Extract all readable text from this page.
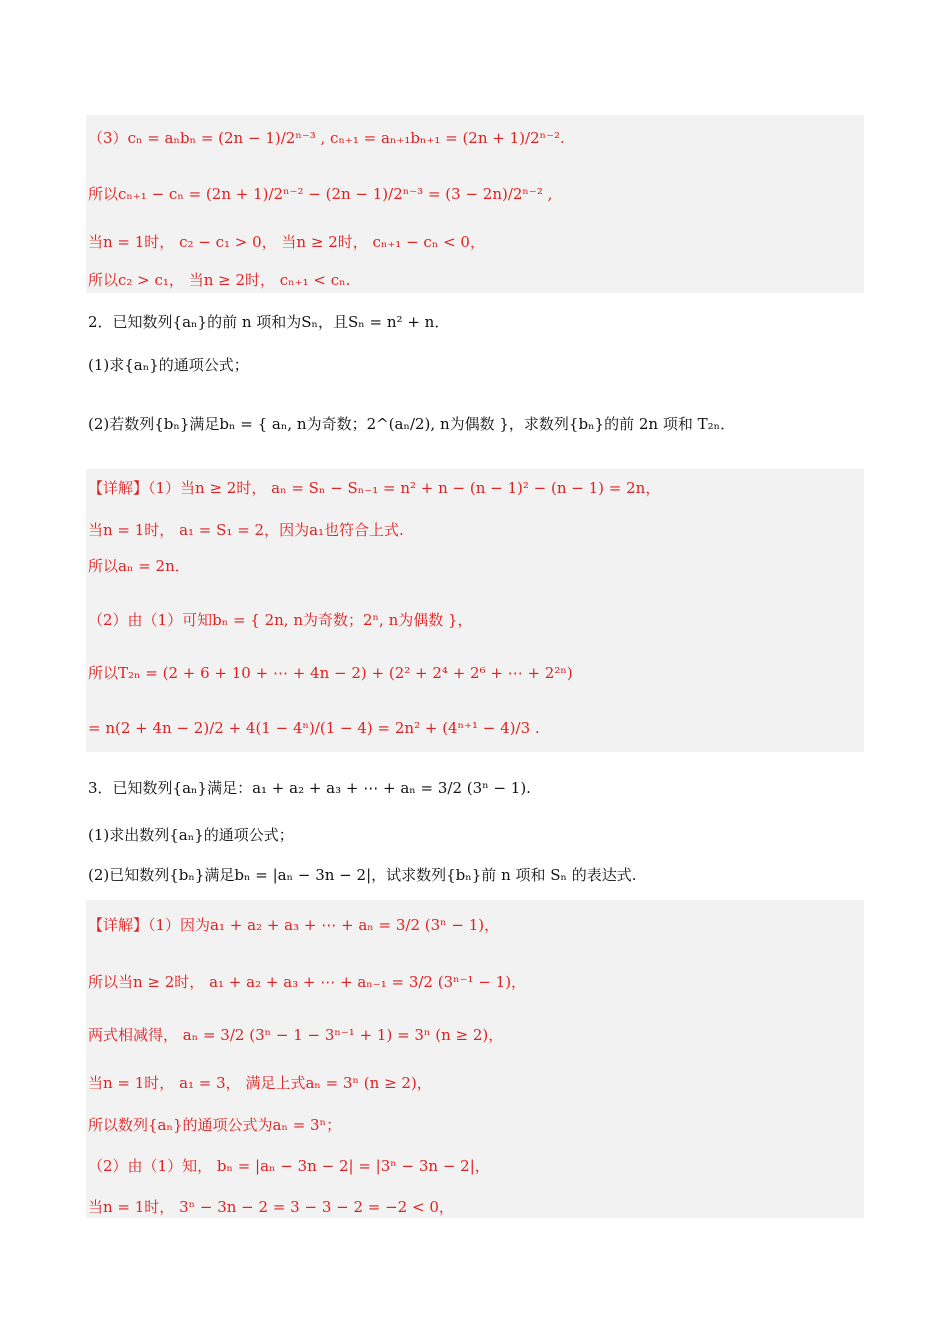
（3）cₙ = aₙbₙ = (2n − 1)/2ⁿ⁻³ , cₙ₊₁ = aₙ₊₁bₙ₊₁ = (2n + 1)/2ⁿ⁻².
所以cₙ₊₁ − cₙ = (2n + 1)/2ⁿ⁻² − (2n − 1)/2ⁿ⁻³ = (3 − 2n)/2ⁿ⁻² ,
当n = 1时， c₂ − c₁ > 0， 当n ≥ 2时， cₙ₊₁ − cₙ < 0，
所以c₂ > c₁， 当n ≥ 2时， cₙ₊₁ < cₙ.
2．已知数列{aₙ}的前 n 项和为Sₙ，且Sₙ = n² + n．
(1)求{aₙ}的通项公式；
(2)若数列{bₙ}满足bₙ = { aₙ, n为奇数；2^(aₙ/2), n为偶数 }，求数列{bₙ}的前 2n 项和 T₂ₙ．
【详解】（1）当n ≥ 2时， aₙ = Sₙ − Sₙ₋₁ = n² + n − (n − 1)² − (n − 1) = 2n，
当n = 1时， a₁ = S₁ = 2，因为a₁也符合上式.
所以aₙ = 2n．
（2）由（1）可知bₙ = { 2n, n为奇数；2ⁿ, n为偶数 }，
所以T₂ₙ = (2 + 6 + 10 + ⋯ + 4n − 2) + (2² + 2⁴ + 2⁶ + ⋯ + 2²ⁿ)
= n(2 + 4n − 2)/2 + 4(1 − 4ⁿ)/(1 − 4) = 2n² + (4ⁿ⁺¹ − 4)/3 .
3．已知数列{aₙ}满足：a₁ + a₂ + a₃ + ⋯ + aₙ = 3/2 (3ⁿ − 1).
(1)求出数列{aₙ}的通项公式；
(2)已知数列{bₙ}满足bₙ = |aₙ − 3n − 2|，试求数列{bₙ}前 n 项和 Sₙ 的表达式.
【详解】（1）因为a₁ + a₂ + a₃ + ⋯ + aₙ = 3/2 (3ⁿ − 1)，
所以当n ≥ 2时， a₁ + a₂ + a₃ + ⋯ + aₙ₋₁ = 3/2 (3ⁿ⁻¹ − 1)，
两式相减得， aₙ = 3/2 (3ⁿ − 1 − 3ⁿ⁻¹ + 1) = 3ⁿ (n ≥ 2)，
当n = 1时， a₁ = 3， 满足上式aₙ = 3ⁿ (n ≥ 2)，
所以数列{aₙ}的通项公式为aₙ = 3ⁿ；
（2）由（1）知， bₙ = |aₙ − 3n − 2| = |3ⁿ − 3n − 2|，
当n = 1时， 3ⁿ − 3n − 2 = 3 − 3 − 2 = −2 < 0，
